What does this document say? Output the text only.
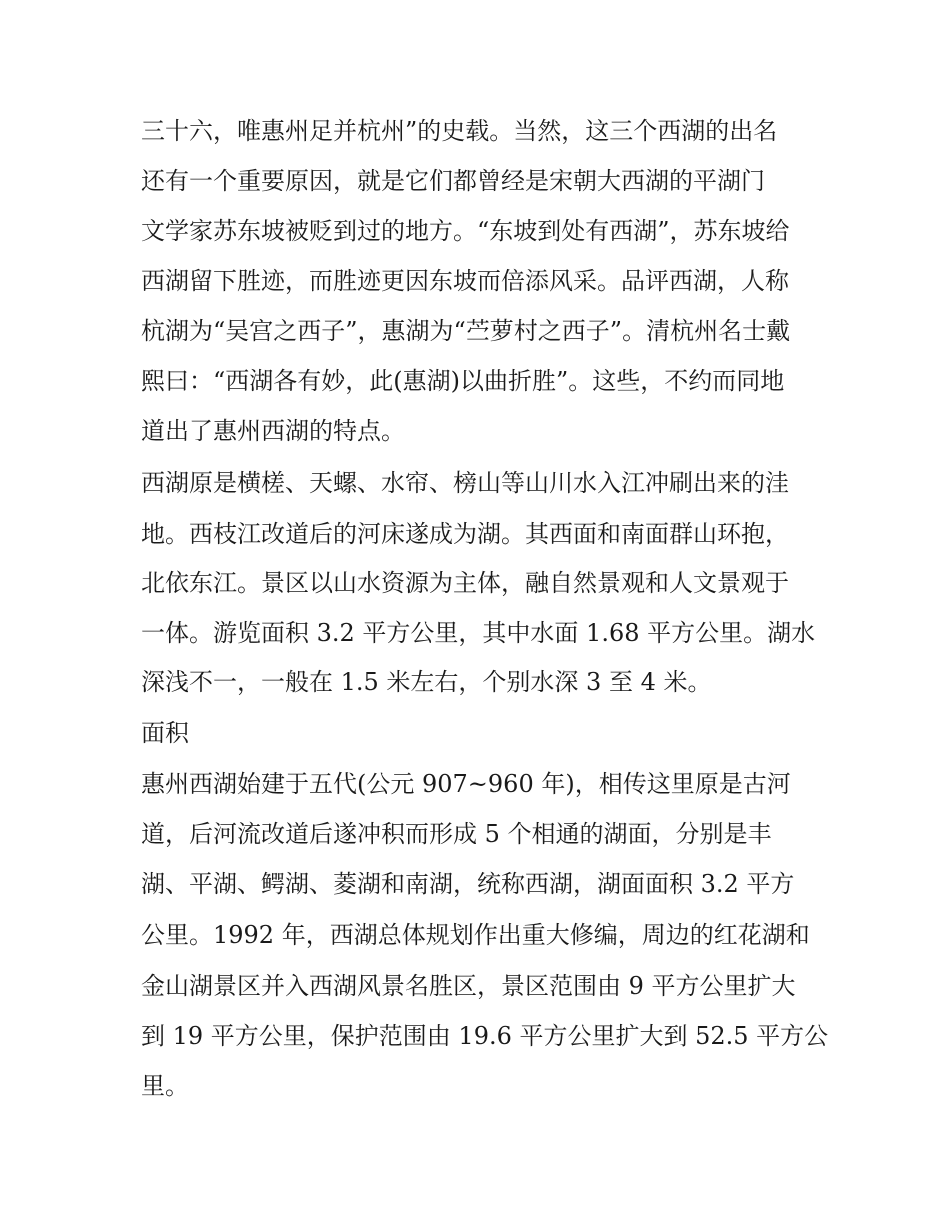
三十六，唯惠州足并杭州”的史载。当然，这三个西湖的出名
还有一个重要原因，就是它们都曾经是宋朝大西湖的平湖门
文学家苏东坡被贬到过的地方。“东坡到处有西湖”，苏东坡给
西湖留下胜迹，而胜迹更因东坡而倍添风采。品评西湖，人称
杭湖为“吴宫之西子”，惠湖为“苎萝村之西子”。清杭州名士戴
熙曰：“西湖各有妙，此(惠湖)以曲折胜”。这些，不约而同地
道出了惠州西湖的特点。
西湖原是横槎、天螺、水帘、榜山等山川水入江冲刷出来的洼
地。西枝江改道后的河床遂成为湖。其西面和南面群山环抱，
北依东江。景区以山水资源为主体，融自然景观和人文景观于
一体。游览面积 3.2 平方公里，其中水面 1.68 平方公里。湖水
深浅不一，一般在 1.5 米左右，个别水深 3 至 4 米。
面积
惠州西湖始建于五代(公元 907~960 年)，相传这里原是古河
道，后河流改道后遂冲积而形成 5 个相通的湖面，分别是丰
湖、平湖、鳄湖、菱湖和南湖，统称西湖，湖面面积 3.2 平方
公里。1992 年，西湖总体规划作出重大修编，周边的红花湖和
金山湖景区并入西湖风景名胜区，景区范围由 9 平方公里扩大
到 19 平方公里，保护范围由 19.6 平方公里扩大到 52.5 平方公
里。
